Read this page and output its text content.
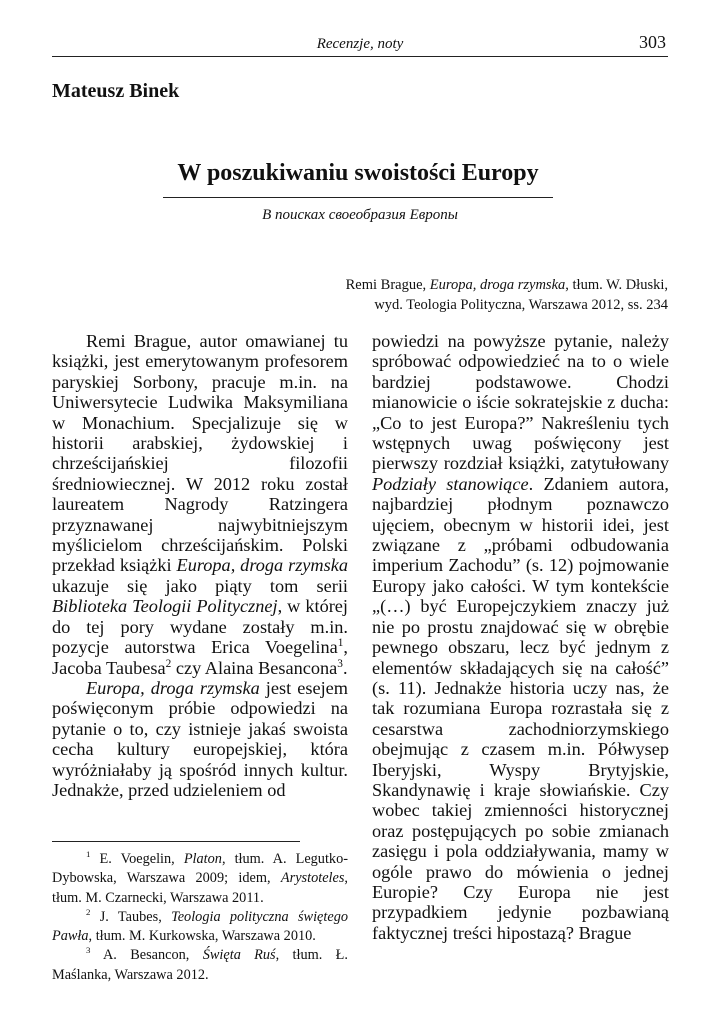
Recenzje, noty	303
Mateusz Binek
W poszukiwaniu swoistości Europy
В поисках своеобразия Европы
Remi Brague, Europa, droga rzymska, tłum. W. Dłuski,
wyd. Teologia Polityczna, Warszawa 2012, ss. 234

Remi Brague, autor omawianej tu książki, jest emerytowanym profesorem paryskiej Sorbony, pracuje m.in. na Uniwersytecie Ludwika Maksymiliana w Monachium. Specjalizuje się w historii arabskiej, żydowskiej i chrześcijańskiej filozofii średniowiecznej. W 2012 roku został laureatem Nagrody Ratzingera przyznawanej najwybitniejszym myślicielom chrześcijańskim. Polski przekład książki Europa, droga rzymska ukazuje się jako piąty tom serii Biblioteka Teologii Politycznej, w której do tej pory wydane zostały m.in. pozycje autorstwa Erica Voegelina$^1$, Jacoba Taubesa$^2$ czy Alaina Besancona$^3$.

Europa, droga rzymska jest esejem poświęconym próbie odpowiedzi na pytanie o to, czy istnieje jakaś swoista cecha kultury europejskiej, która wyróżniałaby ją spośród innych kultur. Jednakże, przed udzieleniem od

powiedzi na powyższe pytanie, należy spróbować odpowiedzieć na to o wiele bardziej podstawowe. Chodzi mianowicie o iście sokratejskie z ducha: „Co to jest Europa?” Nakreśleniu tych wstępnych uwag poświęcony jest pierwszy rozdział książki, zatytułowany Podziały stanowiące. Zdaniem autora, najbardziej płodnym poznawczo ujęciem, obecnym w historii idei, jest związane z „próbami odbudowania imperium Zachodu” (s. 12) pojmowanie Europy jako całości. W tym kontekście „(…) być Europejczykiem znaczy już nie po prostu znajdować się w obrębie pewnego obszaru, lecz być jednym z elementów składających się na całość” (s. 11). Jednakże historia uczy nas, że tak rozumiana Europa rozrastała się z cesarstwa zachodniorzymskiego obejmując z czasem m.in. Półwysep Iberyjski, Wyspy Brytyjskie, Skandynawię i kraje słowiańskie. Czy wobec takiej zmienności historycznej oraz postępujących po sobie zmianach zasięgu i pola oddziaływania, mamy w ogóle prawo do mówienia o jednej Europie? Czy Europa nie jest przypadkiem jedynie pozbawianą faktycznej treści hipostazą? Brague

$^1$ E. Voegelin, Platon, tłum. A. Legutko-Dybowska, Warszawa 2009; idem, Arystoteles, tłum. M. Czarnecki, Warszawa 2011.

$^2$ J. Taubes, Teologia polityczna świętego Pawła, tłum. M. Kurkowska, Warszawa 2010.

$^3$ A. Besancon, Święta Ruś, tłum. Ł. Maślanka, Warszawa 2012.
